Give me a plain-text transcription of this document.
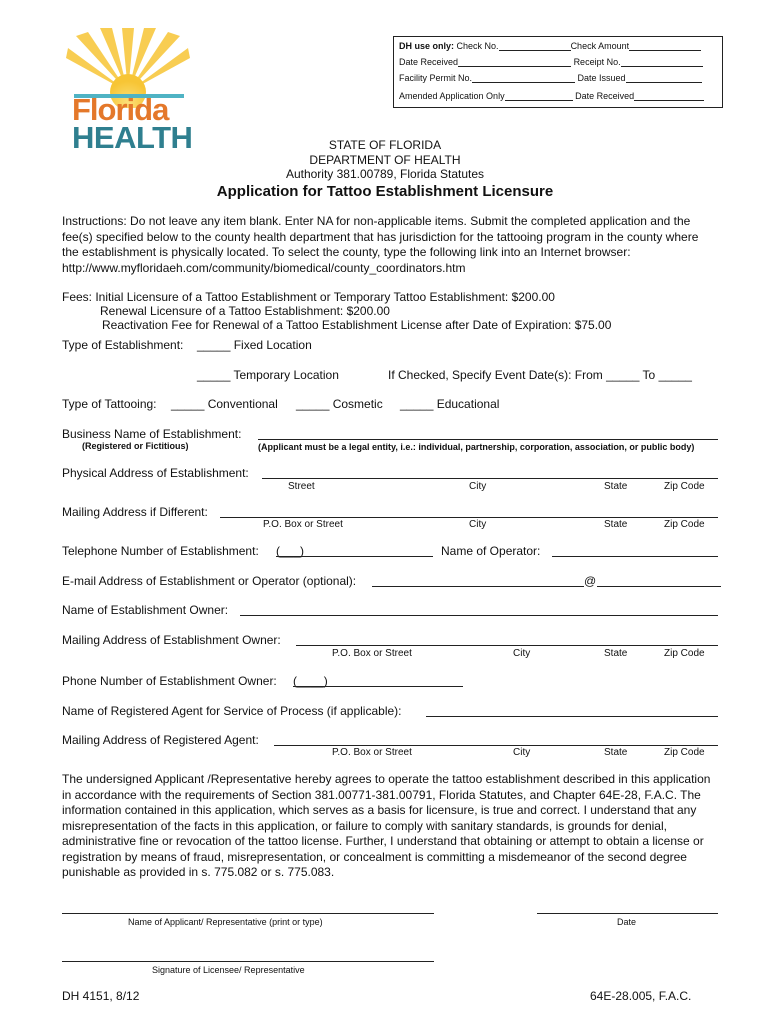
Florida
HEALTH
DH use only: Check No.	Check Amount
Date Received	Receipt No.
Facility Permit No.	Date Issued
Amended Application Only	Date Received
STATE OF FLORIDA
DEPARTMENT OF HEALTH
Authority 381.00789, Florida Statutes
Application for Tattoo Establishment Licensure
Instructions: Do not leave any item blank. Enter NA for non-applicable items. Submit the completed application and the fee(s) specified below to the county health department that has jurisdiction for the tattooing program in the county where the establishment is physically located. To select the county, type the following link into an Internet browser: http://www.myfloridaeh.com/community/biomedical/county_coordinators.htm
Fees: Initial Licensure of a Tattoo Establishment or Temporary Tattoo Establishment: $200.00
Renewal Licensure of a Tattoo Establishment: $200.00
Reactivation Fee for Renewal of a Tattoo Establishment License after Date of Expiration: $75.00
Type of Establishment: _____ Fixed Location
_____ Temporary Location	If Checked, Specify Event Date(s): From _____ To _____
Type of Tattooing: _____ Conventional _____ Cosmetic _____ Educational
Business Name of Establishment:
(Registered or Fictitious)	(Applicant must be a legal entity, i.e.: individual, partnership, corporation, association, or public body)
Physical Address of Establishment:
Street	City	State	Zip Code
Mailing Address if Different:
P.O. Box or Street	City	State	Zip Code
Telephone Number of Establishment: (___)	Name of Operator:
E-mail Address of Establishment or Operator (optional):	@
Name of Establishment Owner:
Mailing Address of Establishment Owner:
P.O. Box or Street	City	State	Zip Code
Phone Number of Establishment Owner: (____)
Name of Registered Agent for Service of Process (if applicable):
Mailing Address of Registered Agent:
P.O. Box or Street	City	State	Zip Code
The undersigned Applicant /Representative hereby agrees to operate the tattoo establishment described in this application in accordance with the requirements of Section 381.00771-381.00791, Florida Statutes, and Chapter 64E-28, F.A.C. The information contained in this application, which serves as a basis for licensure, is true and correct. I understand that any misrepresentation of the facts in this application, or failure to comply with sanitary standards, is grounds for denial, administrative fine or revocation of the tattoo license. Further, I understand that obtaining or attempt to obtain a license or registration by means of fraud, misrepresentation, or concealment is committing a misdemeanor of the second degree punishable as provided in s. 775.082 or s. 775.083.
Name of Applicant/ Representative (print or type)	Date
Signature of Licensee/ Representative
DH 4151, 8/12	64E-28.005, F.A.C.
